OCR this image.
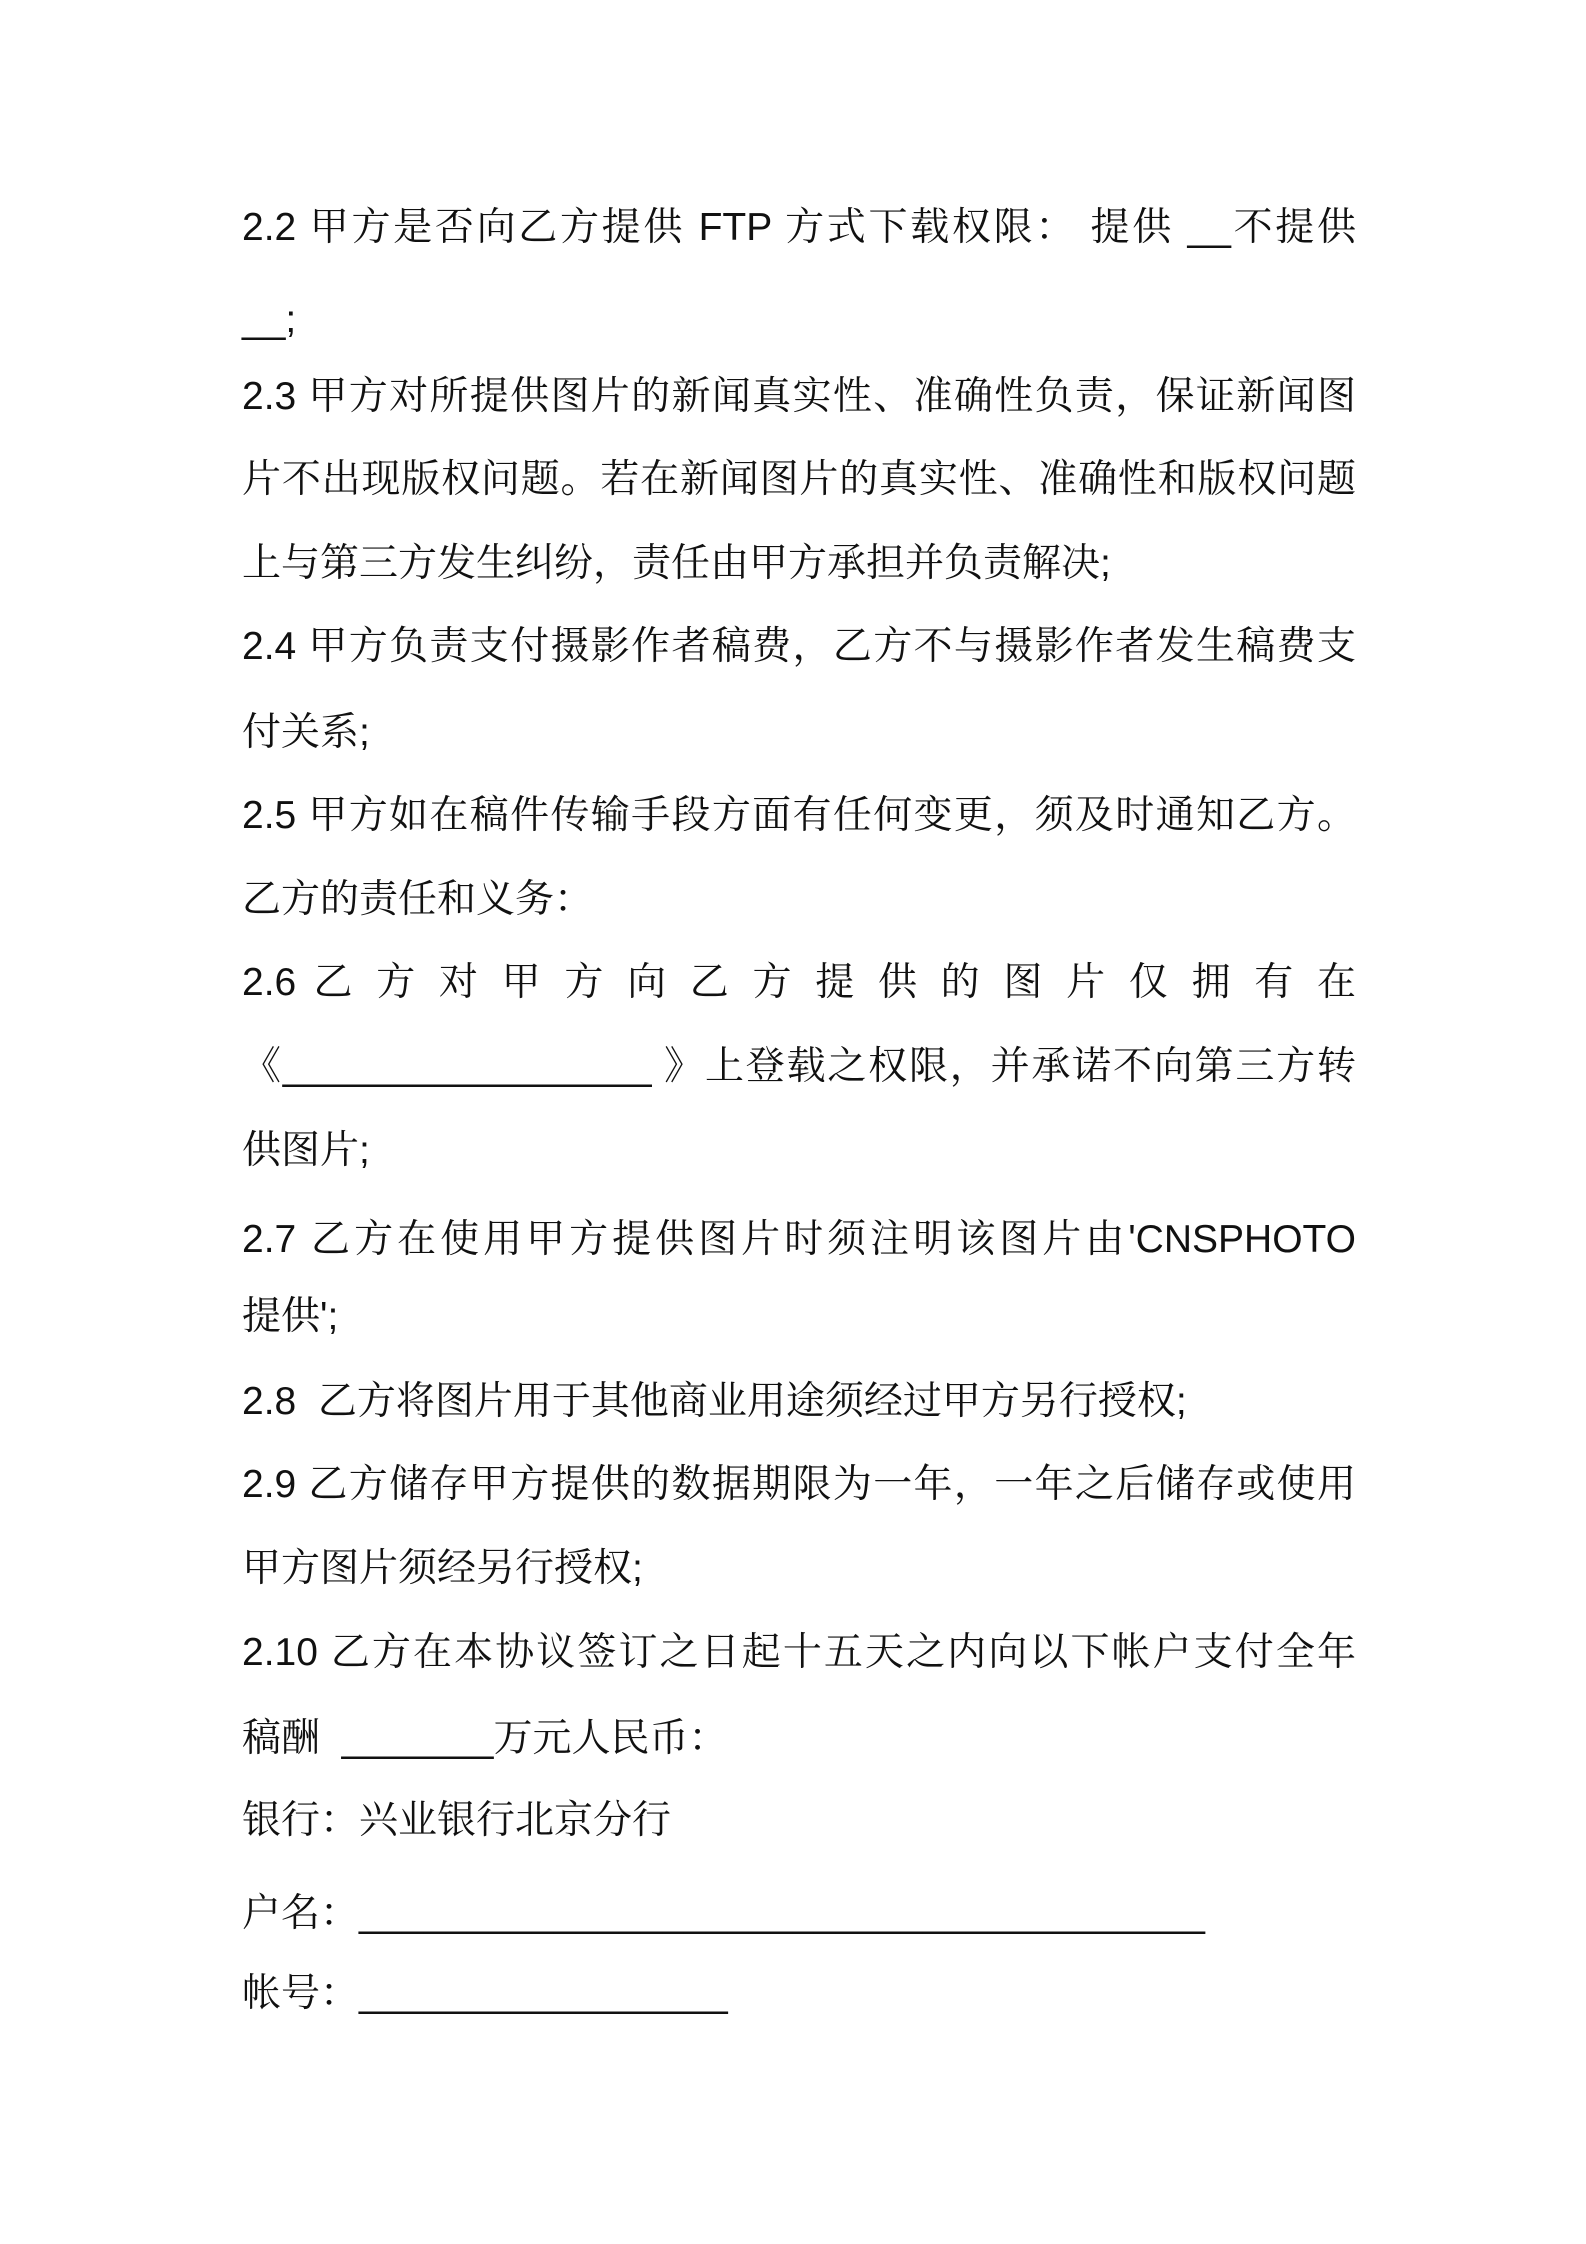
2.2 甲方是否向乙方提供 FTP 方式下载权限： 提供 __不提供
__;
2.3 甲方对所提供图片的新闻真实性、准确性负责，保证新闻图
片不出现版权问题。若在新闻图片的真实性、准确性和版权问题
上与第三方发生纠纷，责任由甲方承担并负责解决;
2.4 甲方负责支付摄影作者稿费，乙方不与摄影作者发生稿费支
付关系;
2.5 甲方如在稿件传输手段方面有任何变更，须及时通知乙方。
乙方的责任和义务：
2.6 乙 方 对 甲 方 向 乙 方 提 供 的 图 片 仅 拥 有 在
《_________________ 》上登载之权限，并承诺不向第三方转
供图片;
2.7 乙方在使用甲方提供图片时须注明该图片由'CNSPHOTO
提供';
2.8  乙方将图片用于其他商业用途须经过甲方另行授权;
2.9 乙方储存甲方提供的数据期限为一年，一年之后储存或使用
甲方图片须经另行授权;
2.10 乙方在本协议签订之日起十五天之内向以下帐户支付全年
稿酬  _______万元人民币：
银行：兴业银行北京分行
户名：_______________________________________
帐号：_________________
